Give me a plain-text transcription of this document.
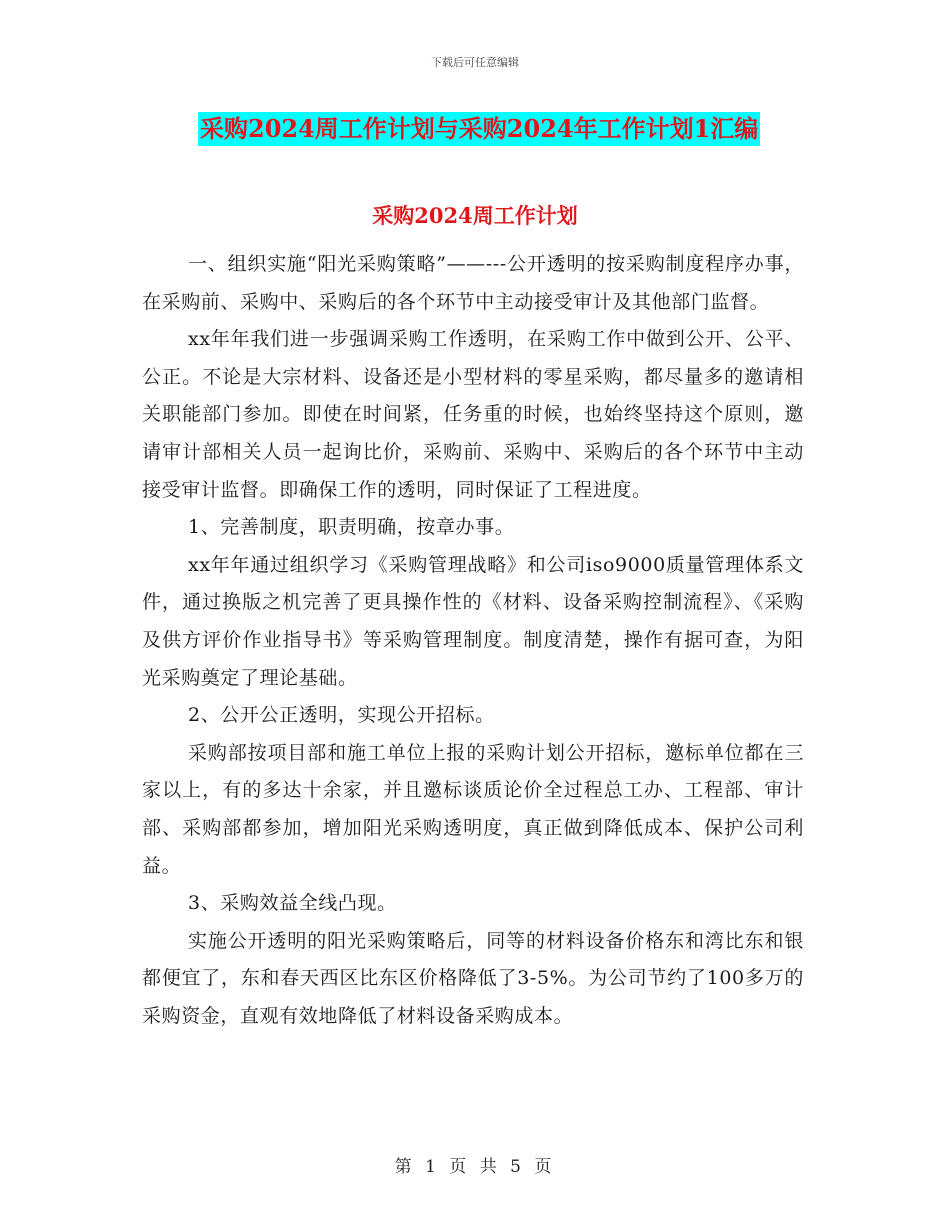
下载后可任意编辑
采购2024周工作计划与采购2024年工作计划1汇编
采购2024周工作计划

一、组织实施“阳光采购策略”——---公开透明的按采购制度程序办事，在采购前、采购中、采购后的各个环节中主动接受审计及其他部门监督。

xx年年我们进一步强调采购工作透明，在采购工作中做到公开、公平、公正。不论是大宗材料、设备还是小型材料的零星采购，都尽量多的邀请相关职能部门参加。即使在时间紧，任务重的时候，也始终坚持这个原则，邀请审计部相关人员一起询比价，采购前、采购中、采购后的各个环节中主动接受审计监督。即确保工作的透明，同时保证了工程进度。

1、完善制度，职责明确，按章办事。

xx年年通过组织学习《采购管理战略》和公司iso9000质量管理体系文件，通过换版之机完善了更具操作性的《材料、设备采购控制流程》、《采购及供方评价作业指导书》等采购管理制度。制度清楚，操作有据可查，为阳光采购奠定了理论基础。

2、公开公正透明，实现公开招标。

采购部按项目部和施工单位上报的采购计划公开招标，邀标单位都在三家以上，有的多达十余家，并且邀标谈质论价全过程总工办、工程部、审计部、采购部都参加，增加阳光采购透明度，真正做到降低成本、保护公司利益。

3、采购效益全线凸现。

实施公开透明的阳光采购策略后，同等的材料设备价格东和湾比东和银都便宜了，东和春天西区比东区价格降低了3-5%。为公司节约了100多万的采购资金，直观有效地降低了材料设备采购成本。

第 1 页 共 5 页
